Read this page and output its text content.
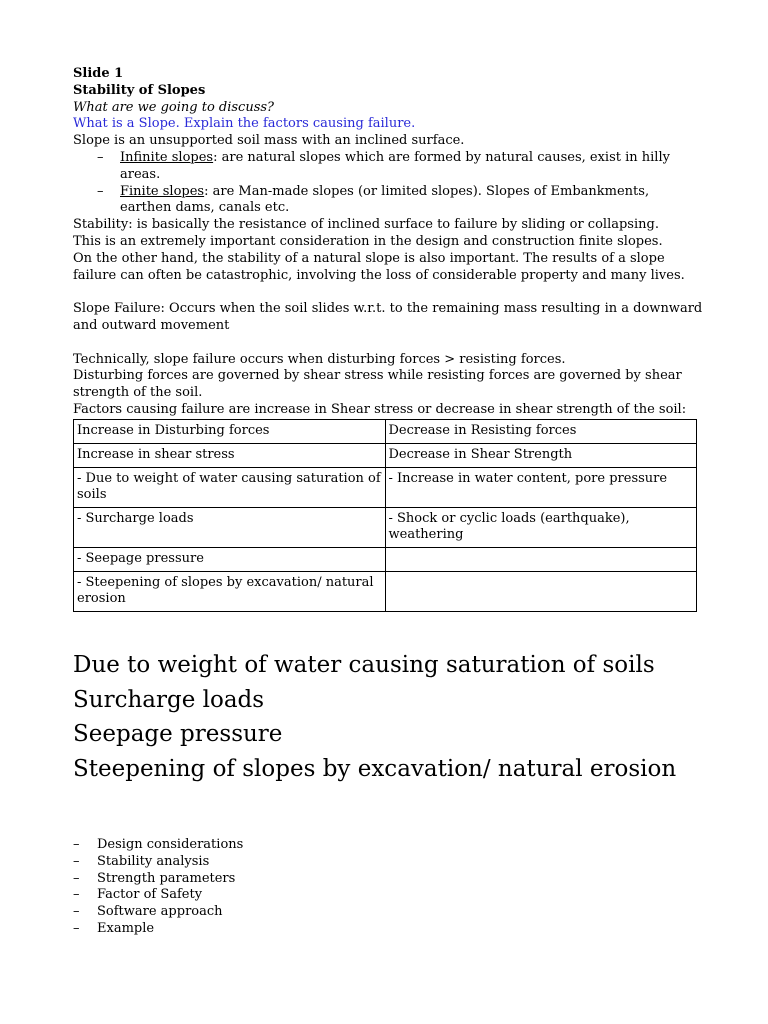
Slide 1

Stability of Slopes

What are we going to discuss?

What is a Slope. Explain the factors causing failure.

Slope is an unsupported soil mass with an inclined surface.

– Infinite slopes: are natural slopes which are formed by natural causes, exist in hilly areas.
– Finite slopes: are Man-made slopes (or limited slopes). Slopes of Embankments, earthen dams, canals etc.

Stability: is basically the resistance of inclined surface to failure by sliding or collapsing.

This is an extremely important consideration in the design and construction finite slopes.

On the other hand, the stability of a natural slope is also important. The results of a slope failure can often be catastrophic, involving the loss of considerable property and many lives.

Slope Failure: Occurs when the soil slides w.r.t. to the remaining mass resulting in a downward and outward movement

Technically, slope failure occurs when disturbing forces > resisting forces.

Disturbing forces are governed by shear stress while resisting forces are governed by shear strength of the soil.

Factors causing failure are increase in Shear stress or decrease in shear strength of the soil:

Increase in Disturbing forces	Decrease in Resisting forces
Increase in shear stress	Decrease in Shear Strength
- Due to weight of water causing saturation of soils	- Increase in water content, pore pressure
- Surcharge loads	- Shock or cyclic loads (earthquake), weathering
- Seepage pressure	
- Steepening of slopes by excavation/ natural erosion	

Due to weight of water causing saturation of soils

Surcharge loads

Seepage pressure

Steepening of slopes by excavation/ natural erosion

– Design considerations
– Stability analysis
– Strength parameters
– Factor of Safety
– Software approach
– Example
